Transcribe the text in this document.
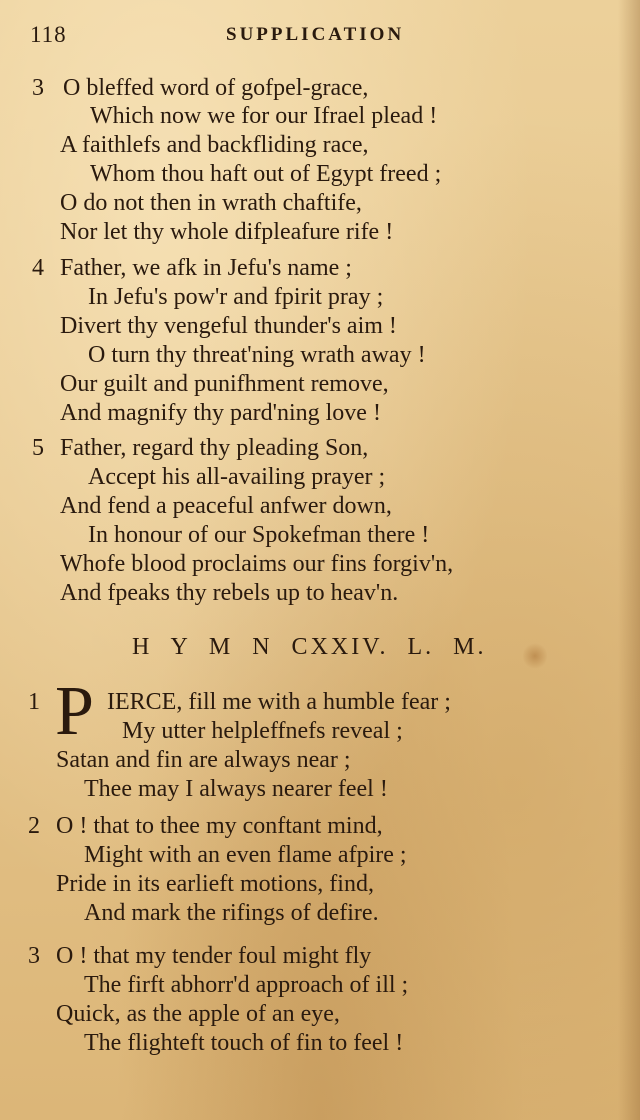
118	SUPPLICATION
3 O bleffed word of gofpel-grace,
Which now we for our Ifrael plead !
A faithlefs and backfliding race,
Whom thou haft out of Egypt freed ;
O do not then in wrath chaftife,
Nor let thy whole difpleafure rife !
4 Father, we afk in Jefu's name ;
In Jefu's pow'r and fpirit pray ;
Divert thy vengeful thunder's aim !
O turn thy threat'ning wrath away !
Our guilt and punifhment remove,
And magnify thy pard'ning love !
5 Father, regard thy pleading Son,
Accept his all-availing prayer ;
And fend a peaceful anfwer down,
In honour of our Spokefman there !
Whofe blood proclaims our fins forgiv'n,
And fpeaks thy rebels up to heav'n.
H Y M N CXXIV. L. M.
1 P IERCE, fill me with a humble fear ;
My utter helpleffnefs reveal ;
Satan and fin are always near ;
Thee may I always nearer feel !
2 O ! that to thee my conftant mind,
Might with an even flame afpire ;
Pride in its earlieft motions, find,
And mark the rifings of defire.
3 O ! that my tender foul might fly
The firft abhorr'd approach of ill ;
Quick, as the apple of an eye,
The flighteft touch of fin to feel !
